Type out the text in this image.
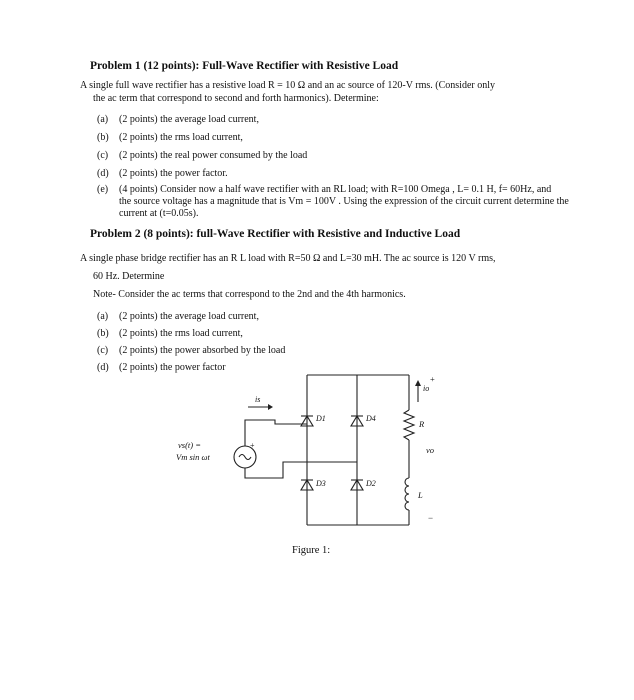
Problem 1 (12 points): Full-Wave Rectifier with Resistive Load
A single full wave rectifier has a resistive load R = 10 Ω and an ac source of 120-V rms. (Consider only
the ac term that correspond to second and forth harmonics). Determine:
(a) (2 points) the average load current,
(b) (2 points) the rms load current,
(c) (2 points) the real power consumed by the load
(d) (2 points) the power factor.
(e) (4 points) Consider now a half wave rectifier with an RL load; with R=100 Omega , L= 0.1 H, f= 60Hz, and
the source voltage has a magnitude that is Vm = 100V . Using the expression of the circuit current determine the
current at (t=0.05s).
Problem 2 (8 points): full-Wave Rectifier with Resistive and Inductive Load
A single phase bridge rectifier has an R L load with R=50 Ω and L=30 mH. The ac source is 120 V rms,
60 Hz. Determine
Note- Consider the ac terms that correspond to the 2nd and the 4th harmonics.
(a) (2 points) the average load current,
(b) (2 points) the rms load current,
(c) (2 points) the power absorbed by the load
(d) (2 points) the power factor
vs(t) =
Vm sin ωt
+
is
D1	D4
D3	D2
R
L
io
+
vo
−
Figure 1:
